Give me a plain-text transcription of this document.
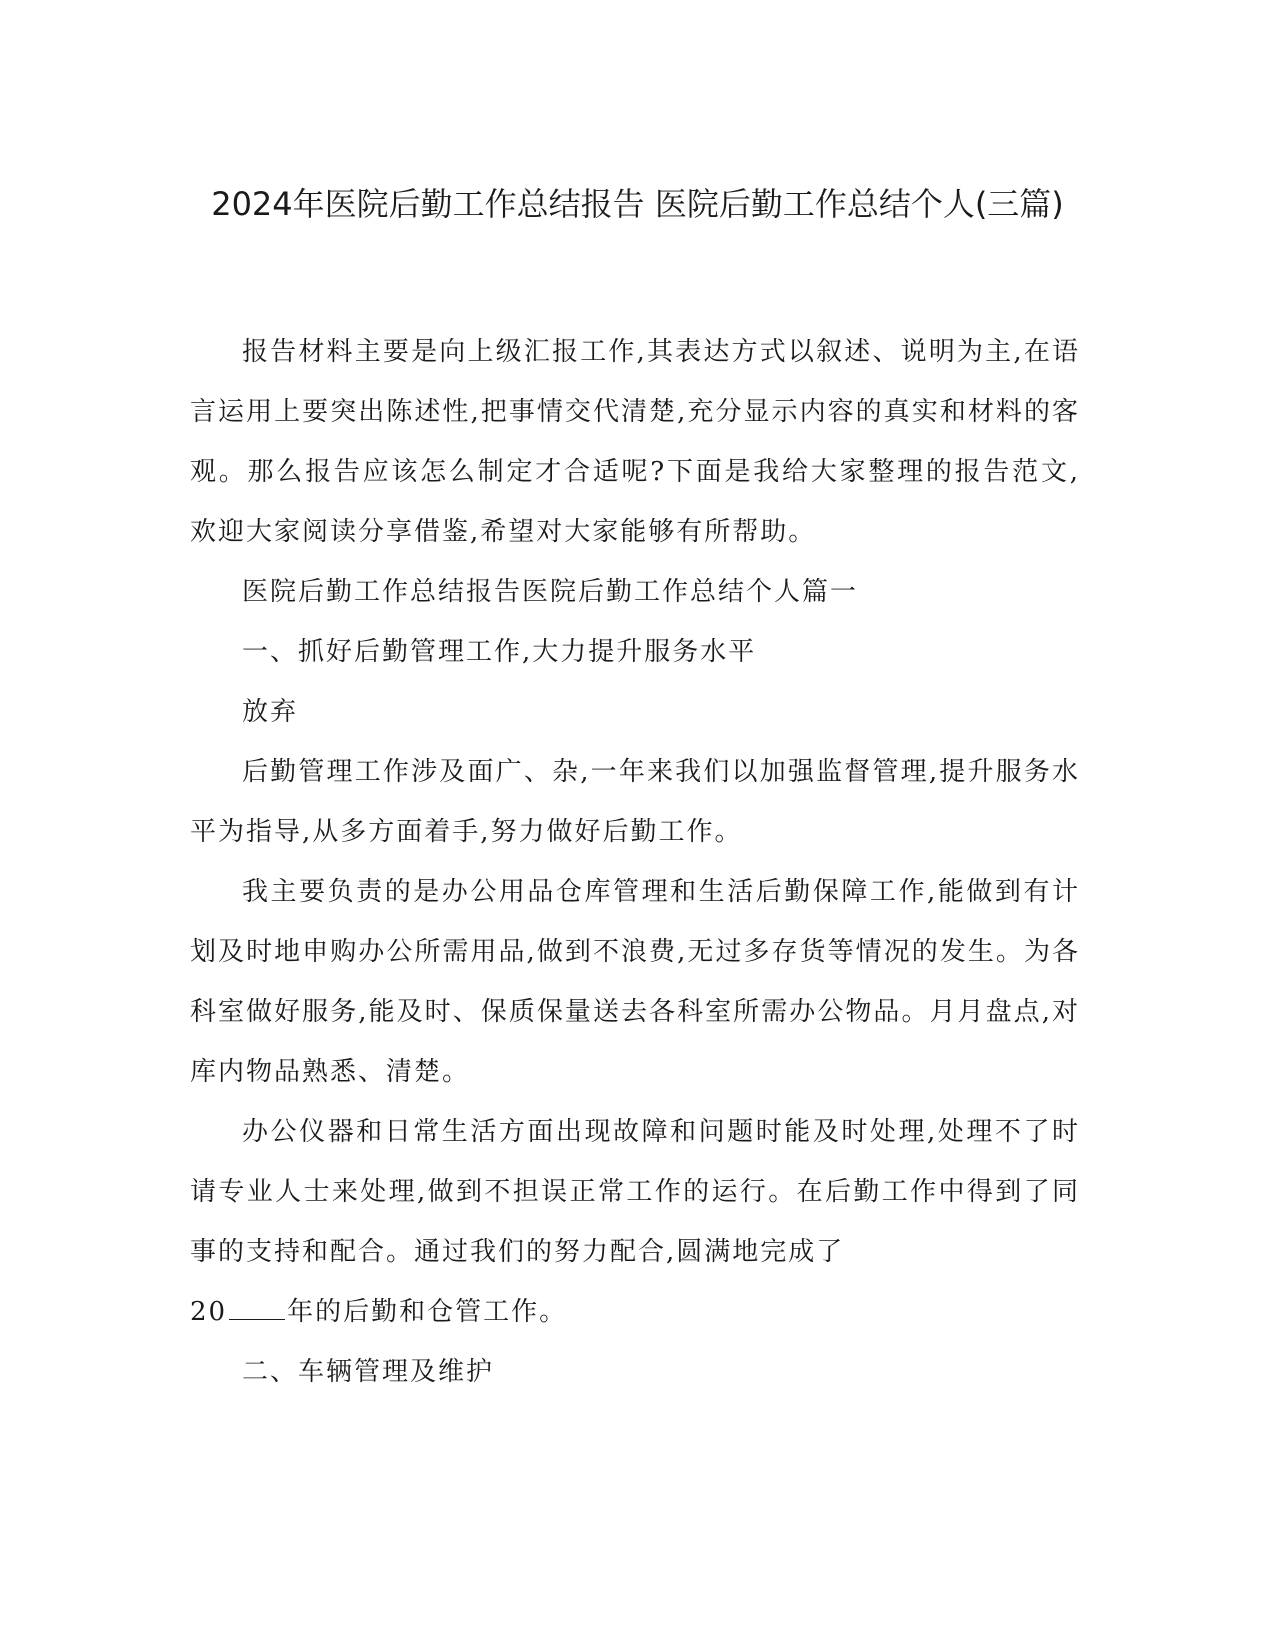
2024年医院后勤工作总结报告 医院后勤工作总结个人(三篇)

报告材料主要是向上级汇报工作,其表达方式以叙述、说明为主,在语言运用上要突出陈述性,把事情交代清楚,充分显示内容的真实和材料的客观。那么报告应该怎么制定才合适呢?下面是我给大家整理的报告范文,欢迎大家阅读分享借鉴,希望对大家能够有所帮助。

医院后勤工作总结报告医院后勤工作总结个人篇一

一、抓好后勤管理工作,大力提升服务水平

放弃

后勤管理工作涉及面广、杂,一年来我们以加强监督管理,提升服务水平为指导,从多方面着手,努力做好后勤工作。

我主要负责的是办公用品仓库管理和生活后勤保障工作,能做到有计划及时地申购办公所需用品,做到不浪费,无过多存货等情况的发生。为各科室做好服务,能及时、保质保量送去各科室所需办公物品。月月盘点,对库内物品熟悉、清楚。

办公仪器和日常生活方面出现故障和问题时能及时处理,处理不了时请专业人士来处理,做到不担误正常工作的运行。在后勤工作中得到了同事的支持和配合。通过我们的努力配合,圆满地完成了

20 年的后勤和仓管工作。

二、车辆管理及维护
